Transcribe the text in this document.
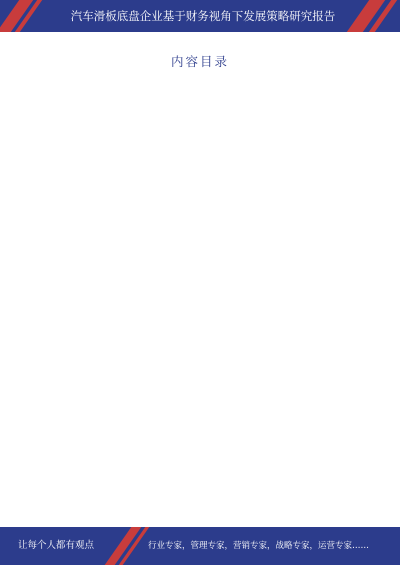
汽车滑板底盘企业基于财务视角下发展策略研究报告
内容目录
让每个人都有观点	行业专家，管理专家，营销专家，战略专家，运营专家……
